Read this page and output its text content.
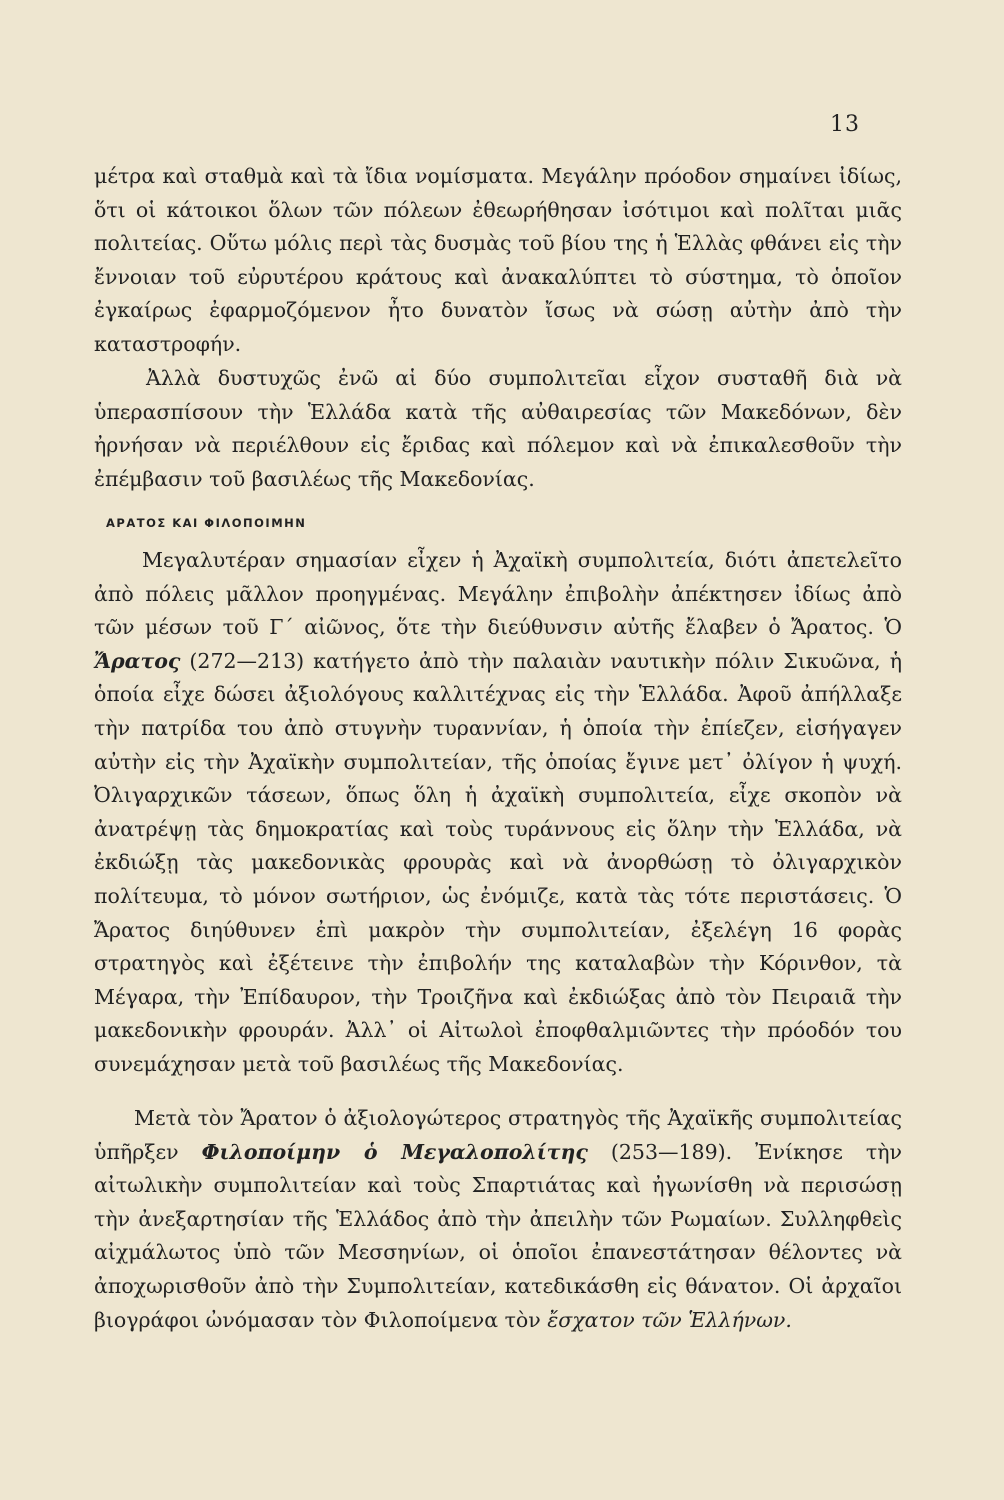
13

μέτρα καὶ σταθμὰ καὶ τὰ ἴδια νομίσματα. Μεγάλην πρόοδον σημαίνει ἰδίως, ὅτι οἱ κάτοικοι ὅλων τῶν πόλεων ἐθεωρήθησαν ἰσότιμοι καὶ πολῖται μιᾶς πολιτείας. Οὕτω μόλις περὶ τὰς δυσμὰς τοῦ βίου της ἡ Ἑλλὰς φθάνει εἰς τὴν ἔννοιαν τοῦ εὐρυτέρου κράτους καὶ ἀνακαλύπτει τὸ σύστημα, τὸ ὁποῖον ἐγκαίρως ἐφαρμοζόμενον ἦτο δυνατὸν ἴσως νὰ σώσῃ αὐτὴν ἀπὸ τὴν καταστροφήν.

Ἀλλὰ δυστυχῶς ἐνῶ αἱ δύο συμπολιτεῖαι εἶχον συσταθῆ διὰ νὰ ὑπερασπίσουν τὴν Ἑλλάδα κατὰ τῆς αὐθαιρεσίας τῶν Μακεδόνων, δὲν ἠρνήσαν νὰ περιέλθουν εἰς ἔριδας καὶ πόλεμον καὶ νὰ ἐπικαλεσθοῦν τὴν ἐπέμβασιν τοῦ βασιλέως τῆς Μακεδονίας.

ΑΡΑΤΟΣ ΚΑΙ ΦΙΛΟΠΟΙΜΗΝ

Μεγαλυτέραν σημασίαν εἶχεν ἡ Ἀχαϊκὴ συμπολιτεία, διότι ἀπετελεῖτο ἀπὸ πόλεις μᾶλλον προηγμένας. Μεγάλην ἐπιβολὴν ἀπέκτησεν ἰδίως ἀπὸ τῶν μέσων τοῦ Γ´ αἰῶνος, ὅτε τὴν διεύθυνσιν αὐτῆς ἔλαβεν ὁ Ἄρατος. Ὁ Ἄρατος (272—213) κατήγετο ἀπὸ τὴν παλαιὰν ναυτικὴν πόλιν Σικυῶνα, ἡ ὁποία εἶχε δώσει ἀξιολόγους καλλιτέχνας εἰς τὴν Ἑλλάδα. Ἀφοῦ ἀπήλλαξε τὴν πατρίδα του ἀπὸ στυγνὴν τυραννίαν, ἡ ὁποία τὴν ἐπίεζεν, εἰσήγαγεν αὐτὴν εἰς τὴν Ἀχαϊκὴν συμπολιτείαν, τῆς ὁποίας ἔγινε μετ᾽ ὀλίγον ἡ ψυχή. Ὀλιγαρχικῶν τάσεων, ὅπως ὅλη ἡ ἀχαϊκὴ συμπολιτεία, εἶχε σκοπὸν νὰ ἀνατρέψῃ τὰς δημοκρατίας καὶ τοὺς τυράννους εἰς ὅλην τὴν Ἑλλάδα, νὰ ἐκδιώξῃ τὰς μακεδονικὰς φρουρὰς καὶ νὰ ἀνορθώσῃ τὸ ὀλιγαρχικὸν πολίτευμα, τὸ μόνον σωτήριον, ὡς ἐνόμιζε, κατὰ τὰς τότε περιστάσεις. Ὁ Ἄρατος διηύθυνεν ἐπὶ μακρὸν τὴν συμπολιτείαν, ἐξελέγη 16 φορὰς στρατηγὸς καὶ ἐξέτεινε τὴν ἐπιβολήν της καταλαβὼν τὴν Κόρινθον, τὰ Μέγαρα, τὴν Ἐπίδαυρον, τὴν Τροιζῆνα καὶ ἐκδιώξας ἀπὸ τὸν Πειραιᾶ τὴν μακεδονικὴν φρουράν. Ἀλλ᾽ οἱ Αἰτωλοὶ ἐποφθαλμιῶντες τὴν πρόοδόν του συνεμάχησαν μετὰ τοῦ βασιλέως τῆς Μακεδονίας.

Μετὰ τὸν Ἄρατον ὁ ἀξιολογώτερος στρατηγὸς τῆς Ἀχαϊκῆς συμπολιτείας ὑπῆρξεν Φιλοποίμην ὁ Μεγαλοπολίτης (253—189). Ἐνίκησε τὴν αἰτωλικὴν συμπολιτείαν καὶ τοὺς Σπαρτιάτας καὶ ἠγωνίσθη νὰ περισώσῃ τὴν ἀνεξαρτησίαν τῆς Ἑλλάδος ἀπὸ τὴν ἀπειλὴν τῶν Ρωμαίων. Συλληφθεὶς αἰχμάλωτος ὑπὸ τῶν Μεσσηνίων, οἱ ὁποῖοι ἐπανεστάτησαν θέλοντες νὰ ἀποχωρισθοῦν ἀπὸ τὴν Συμπολιτείαν, κατεδικάσθη εἰς θάνατον. Οἱ ἀρχαῖοι βιογράφοι ὠνόμασαν τὸν Φιλοποίμενα τὸν ἔσχατον τῶν Ἑλλήνων.
